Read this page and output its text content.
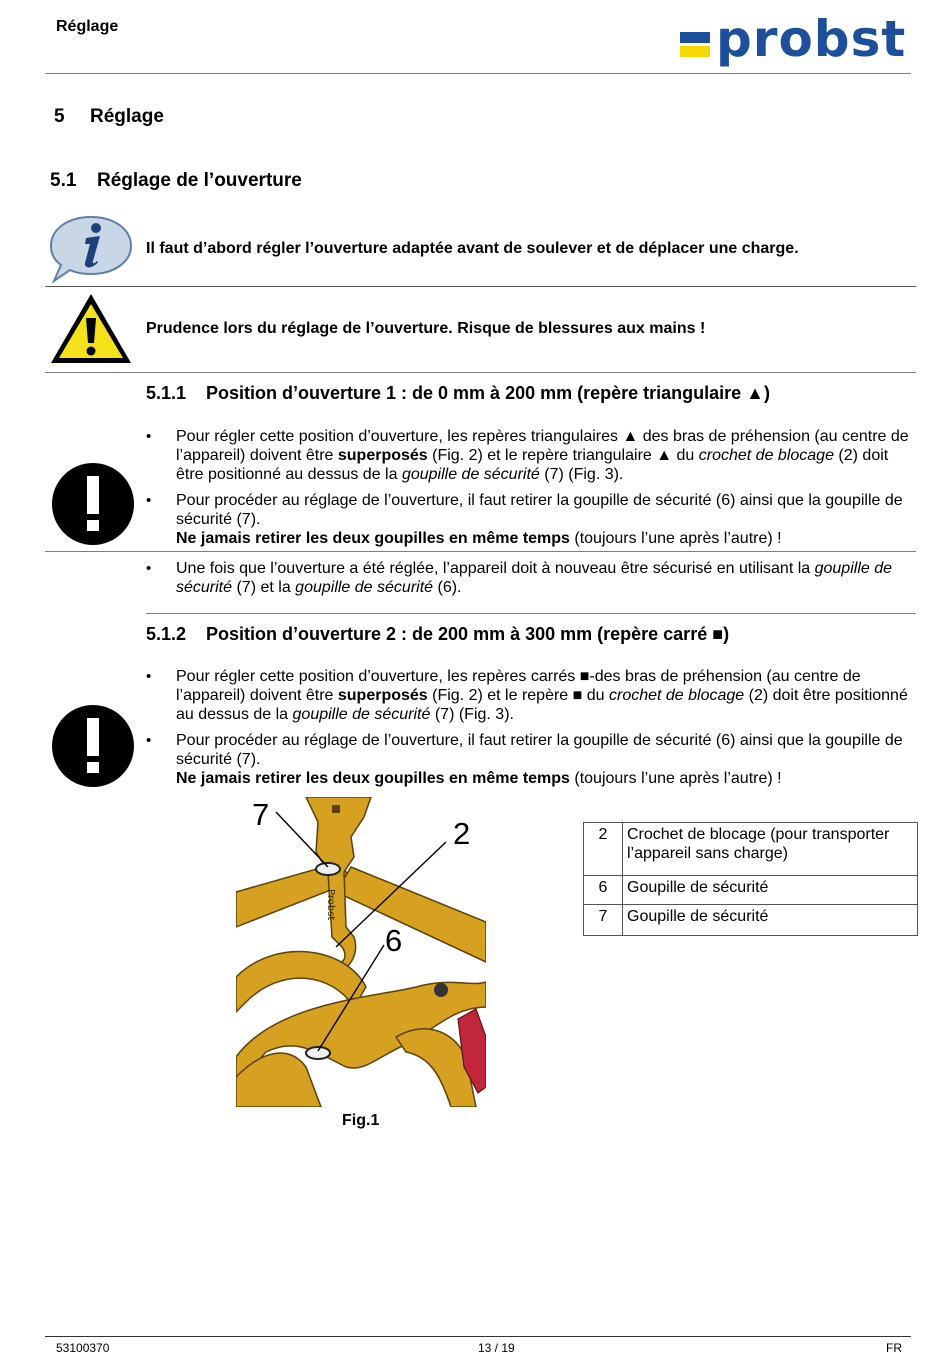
Réglage	probst
5 Réglage
5.1 Réglage de l’ouverture
Il faut d’abord régler l’ouverture adaptée avant de soulever et de déplacer une charge.
Prudence lors du réglage de l’ouverture. Risque de blessures aux mains !
5.1.1 Position d’ouverture 1 : de 0 mm à 200 mm (repère triangulaire ▲)
• Pour régler cette position d’ouverture, les repères triangulaires ▲ des bras de préhension (au centre de l’appareil) doivent être superposés (Fig. 2) et le repère triangulaire ▲ du crochet de blocage (2) doit être positionné au dessus de la goupille de sécurité (7) (Fig. 3).
• Pour procéder au réglage de l’ouverture, il faut retirer la goupille de sécurité (6) ainsi que la goupille de sécurité (7).
Ne jamais retirer les deux goupilles en même temps (toujours l’une après l’autre) !
• Une fois que l’ouverture a été réglée, l’appareil doit à nouveau être sécurisé en utilisant la goupille de sécurité (7) et la goupille de sécurité (6).
5.1.2 Position d’ouverture 2 : de 200 mm à 300 mm (repère carré ■)
• Pour régler cette position d’ouverture, les repères carrés ■-des bras de préhension (au centre de l’appareil) doivent être superposés (Fig. 2) et le repère ■ du crochet de blocage (2) doit être positionné au dessus de la goupille de sécurité (7) (Fig. 3).
• Pour procéder au réglage de l’ouverture, il faut retirer la goupille de sécurité (6) ainsi que la goupille de sécurité (7).
Ne jamais retirer les deux goupilles en même temps (toujours l’une après l’autre) !
Probst
7
2
6
Fig.1
2	Crochet de blocage (pour transporter l’appareil sans charge)
6	Goupille de sécurité
7	Goupille de sécurité
53100370	13 / 19	FR
